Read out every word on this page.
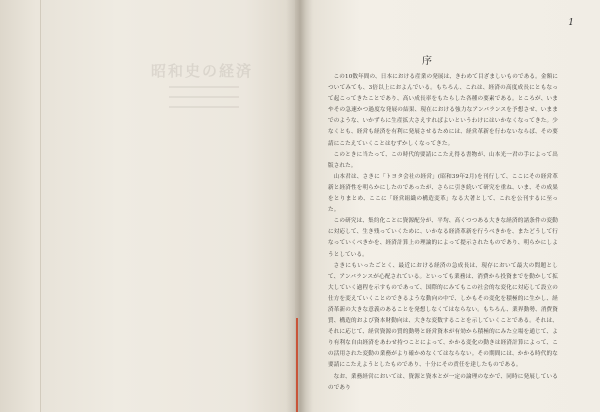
昭和史の経済
1
序

この10数年間の、日本における産業の発展は、きわめて目ざましいものである。金額についてみても、3倍以上におよんでいる。もちろん、これは、経済の高度成長にともなって起こってきたことであり、高い成長率をもたらした各種の要素である。ところが、いまやその急速かつ過度な発展の結果、現在における強力なアンバランスを予想させ、いままでのような、いかずらに生産拡大さえすればよいというわけにはいかなくなってきた。少なくとも、経営も経済を有利に発展させるためには、経営革新を行わないならば、その要請にこたえていくことはむずかしくなってきた。

このときに当たって、この時代的要請にこたえ得る書物が、山本光一君の手によって出版された。

山本君は、さきに「トヨタ会社の経営」(昭和39年2月)を刊行して、ここにその経営革新と経済性を明らかにしたのであったが、さらに引き続いて研究を重ね、いま、その成果をとりまとめ、ここに「経営組織の構造変革」なる大著として、これを公刊するに至った。

この研究は、集約化ことに資源配分が、平均、高くつつある大きな経済的諸条件の変動に対応して、生き残っていくために、いかなる経済革新を行うべきかを、またどうして行なっていくべきかを、経済計算上の理論的によって提示されたものであり、明らかにしようとしている。

さきにもいったごとく、最近における経済の急成長は、現存において最大の問題として、アンバランスが心配されている。といっても業務は、消費から投資までを動かして拡大していく過程を示すものであって、国際的にみてもこの社会的な変化に対応して設立の仕方を変えていくことのできるような動向の中で、しかもその変化を積極的に生かし、経済革新の大きな意義のあることを発想しなくてはならない。もちろん、業界動勢、消費資質、構造的および資本財動向は、大きな変数することを示していくことである。それは、それに応じて、経営資源の質的動勢と経営資本が有効から積極的にみた立場を通じて、より有利な自由経済をあわせ持つことによって、かかる変化の動きは経済計算によって、この活用された変動の業務がより確かめなくてはならない。その期間には、かかる時代的な要請にこたえようとしたものであり、十分にその責任を達したものである。

なお、業務経営においては、資源と資本とが一定の論理のなかで、同時に発展しているのであり
